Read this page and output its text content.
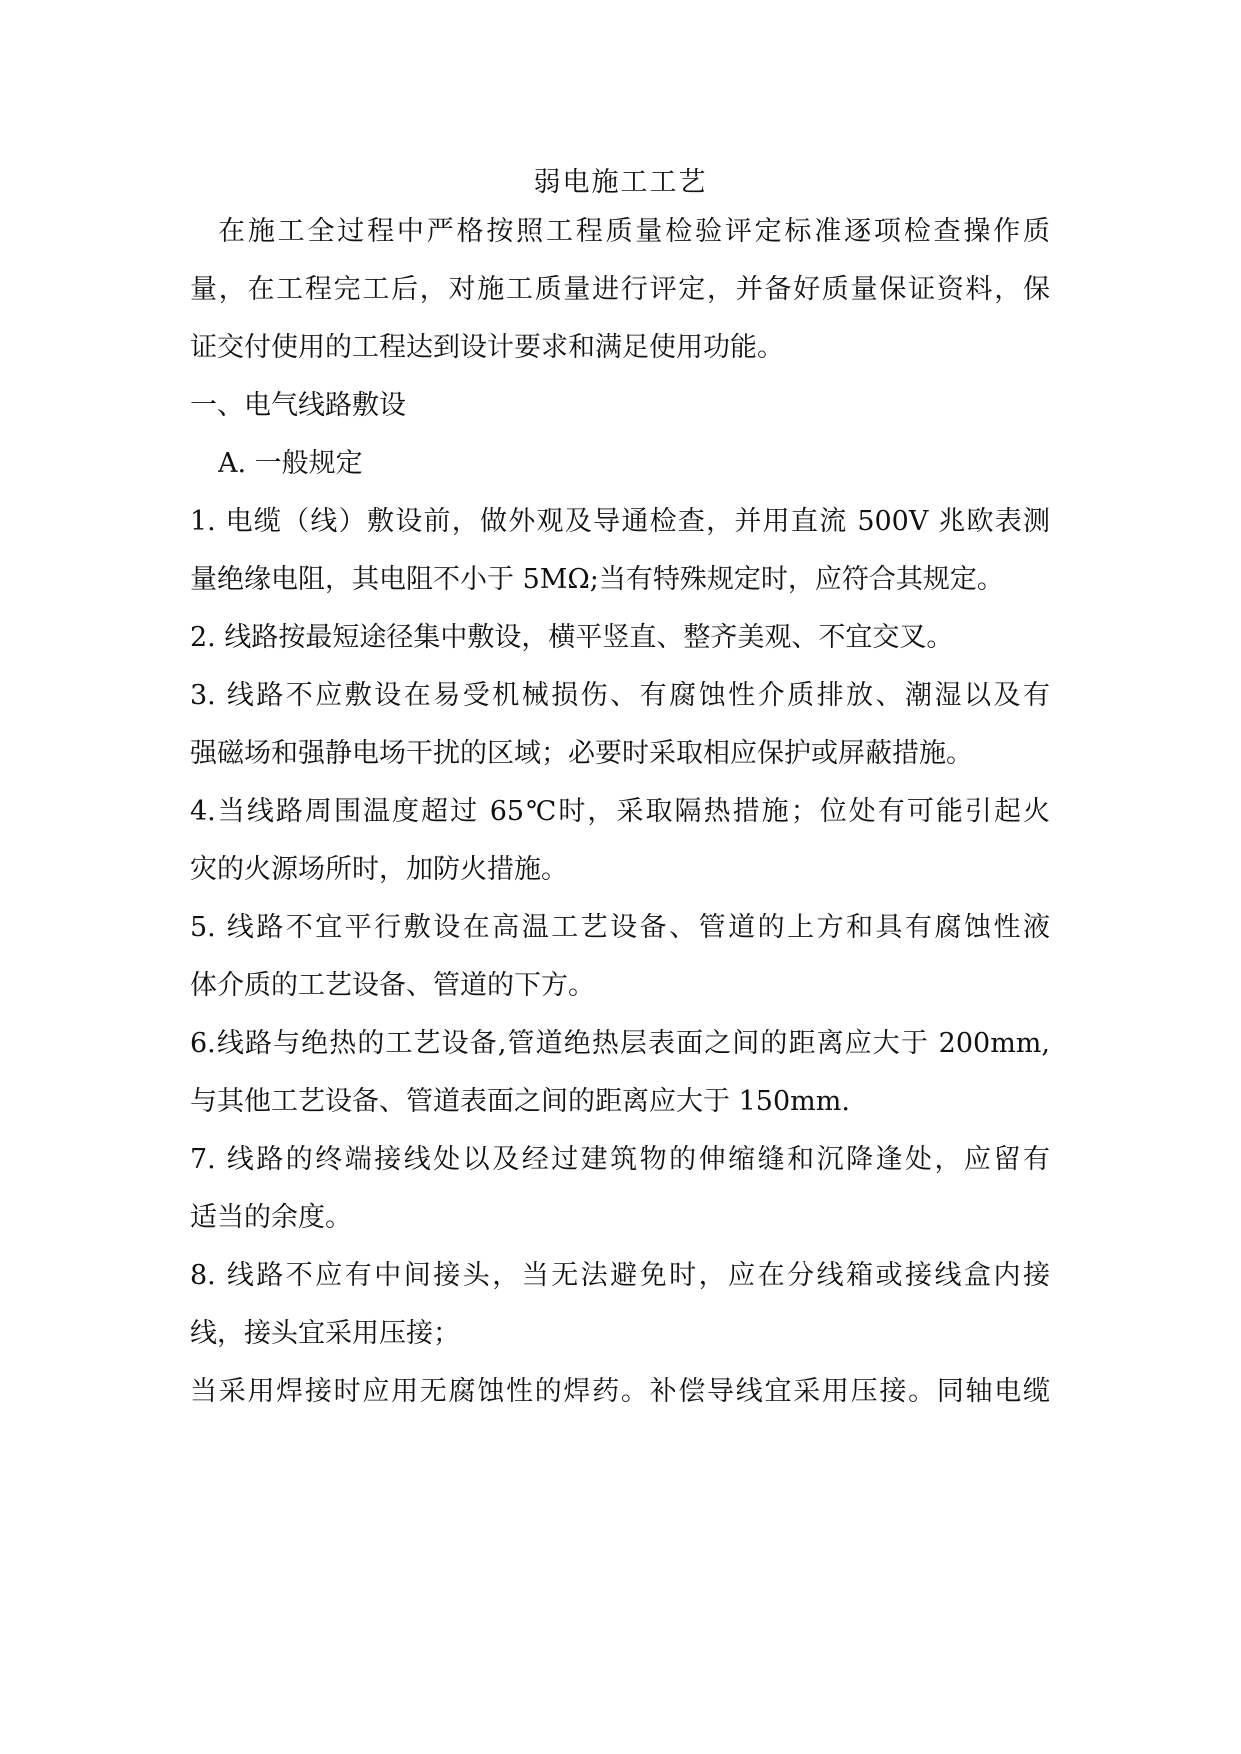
弱电施工工艺
在施工全过程中严格按照工程质量检验评定标准逐项检查操作质
量，在工程完工后，对施工质量进行评定，并备好质量保证资料，保
证交付使用的工程达到设计要求和满足使用功能。
一、电气线路敷设
A. 一般规定
1. 电缆（线）敷设前，做外观及导通检查，并用直流 500V 兆欧表测
量绝缘电阻，其电阻不小于 5MΩ;当有特殊规定时，应符合其规定。
2. 线路按最短途径集中敷设，横平竖直、整齐美观、不宜交叉。
3. 线路不应敷设在易受机械损伤、有腐蚀性介质排放、潮湿以及有
强磁场和强静电场干扰的区域；必要时采取相应保护或屏蔽措施。
4.当线路周围温度超过 65℃时，采取隔热措施；位处有可能引起火
灾的火源场所时，加防火措施。
5. 线路不宜平行敷设在高温工艺设备、管道的上方和具有腐蚀性液
体介质的工艺设备、管道的下方。
6.线路与绝热的工艺设备,管道绝热层表面之间的距离应大于 200mm,
与其他工艺设备、管道表面之间的距离应大于 150mm.
7. 线路的终端接线处以及经过建筑物的伸缩缝和沉降逢处，应留有
适当的余度。
8. 线路不应有中间接头，当无法避免时，应在分线箱或接线盒内接
线，接头宜采用压接；
当采用焊接时应用无腐蚀性的焊药。补偿导线宜采用压接。同轴电缆
